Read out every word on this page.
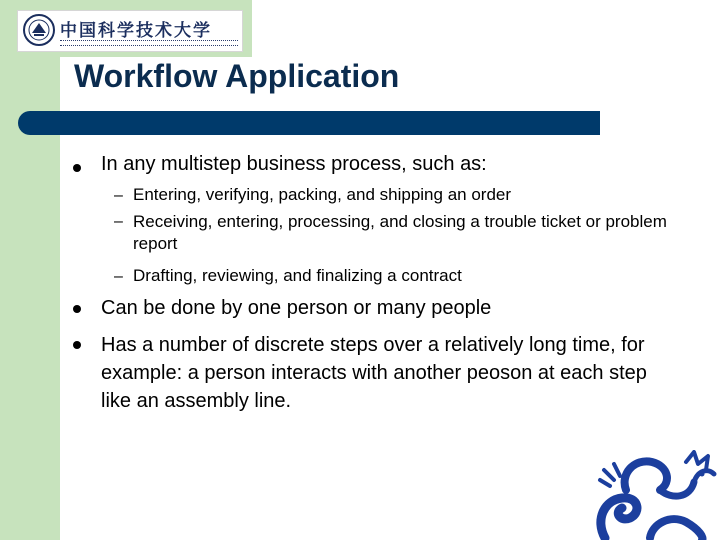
中国科学技术大学
Workflow Application
In any multistep business process, such as:
– Entering, verifying, packing, and shipping an order
– Receiving, entering, processing, and closing a trouble ticket or problem report
– Drafting, reviewing, and finalizing a contract
Can be done by one person or many people
Has a number of discrete steps over a relatively long time, for example: a person interacts with another peoson at each step like an assembly line.
